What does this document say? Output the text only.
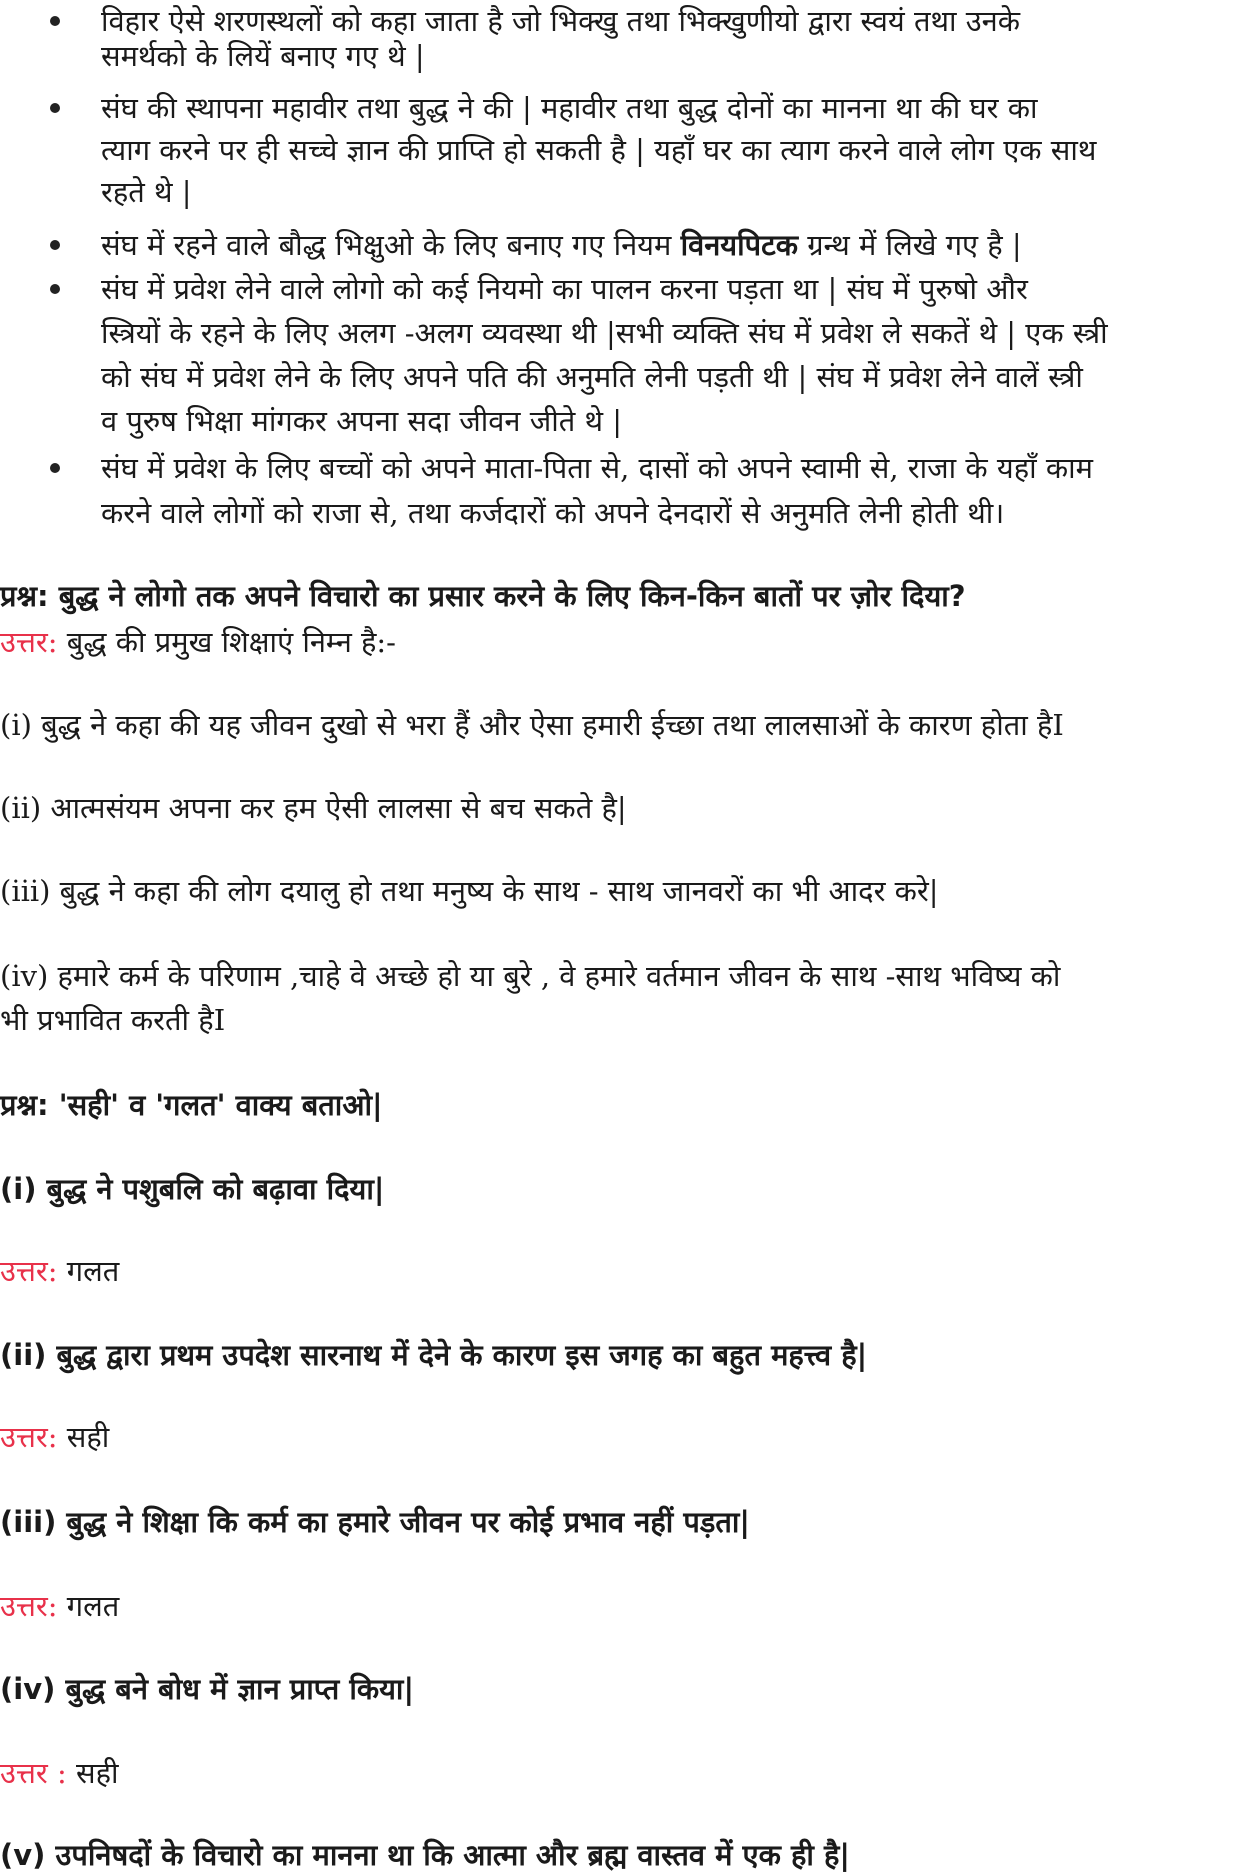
विहार ऐसे शरणस्थलों को कहा जाता है जो भिक्खु तथा भिक्खुणीयो द्वारा स्वयं तथा उनके
समर्थको के लियें बनाए गए थे |
संघ की स्थापना महावीर तथा बुद्ध ने की | महावीर तथा बुद्ध दोनों का मानना था की घर का
त्याग करने पर ही सच्चे ज्ञान की प्राप्ति हो सकती है | यहाँ घर का त्याग करने वाले लोग एक साथ
रहते थे |
संघ में रहने वाले बौद्ध भिक्षुओ के लिए बनाए गए नियम विनयपिटक ग्रन्थ में लिखे गए है |
संघ में प्रवेश लेने वाले लोगो को कई नियमो का पालन करना पड़ता था | संघ में पुरुषो और
स्त्रियों के रहने के लिए अलग -अलग व्यवस्था थी |सभी व्यक्ति संघ में प्रवेश ले सकतें थे | एक स्त्री
को संघ में प्रवेश लेने के लिए अपने पति की अनुमति लेनी पड़ती थी | संघ में प्रवेश लेने वालें स्त्री
व पुरुष भिक्षा मांगकर अपना सदा जीवन जीते थे |
संघ में प्रवेश के लिए बच्चों को अपने माता-पिता से, दासों को अपने स्वामी से, राजा के यहाँ काम
करने वाले लोगों को राजा से, तथा कर्जदारों को अपने देनदारों से अनुमति लेनी होती थी।
प्रश्न: बुद्ध ने लोगो तक अपने विचारो का प्रसार करने के लिए किन-किन बातों पर ज़ोर दिया?
उत्तर: बुद्ध की प्रमुख शिक्षाएं निम्न है:-
(i) बुद्ध ने कहा की यह जीवन दुखो से भरा हैं और ऐसा हमारी ईच्छा तथा लालसाओं के कारण होता हैI
(ii) आत्मसंयम अपना कर हम ऐसी लालसा से बच सकते है|
(iii) बुद्ध ने कहा की लोग दयालु हो तथा मनुष्य के साथ - साथ जानवरों का भी आदर करे|
(iv) हमारे कर्म के परिणाम ,चाहे वे अच्छे हो या बुरे , वे हमारे वर्तमान जीवन के साथ -साथ भविष्य को
भी प्रभावित करती हैI
प्रश्न: 'सही' व 'गलत' वाक्य बताओ|
(i) बुद्ध ने पशुबलि को बढ़ावा दिया|
उत्तर: गलत
(ii) बुद्ध द्वारा प्रथम उपदेश सारनाथ में देने के कारण इस जगह का बहुत महत्त्व है|
उत्तर: सही
(iii) बुद्ध ने शिक्षा कि कर्म का हमारे जीवन पर कोई प्रभाव नहीं पड़ता|
उत्तर: गलत
(iv) बुद्ध बने बोध में ज्ञान प्राप्त किया|
उत्तर : सही
(v) उपनिषदों के विचारो का मानना था कि आत्मा और ब्रह्म वास्तव में एक ही है|
